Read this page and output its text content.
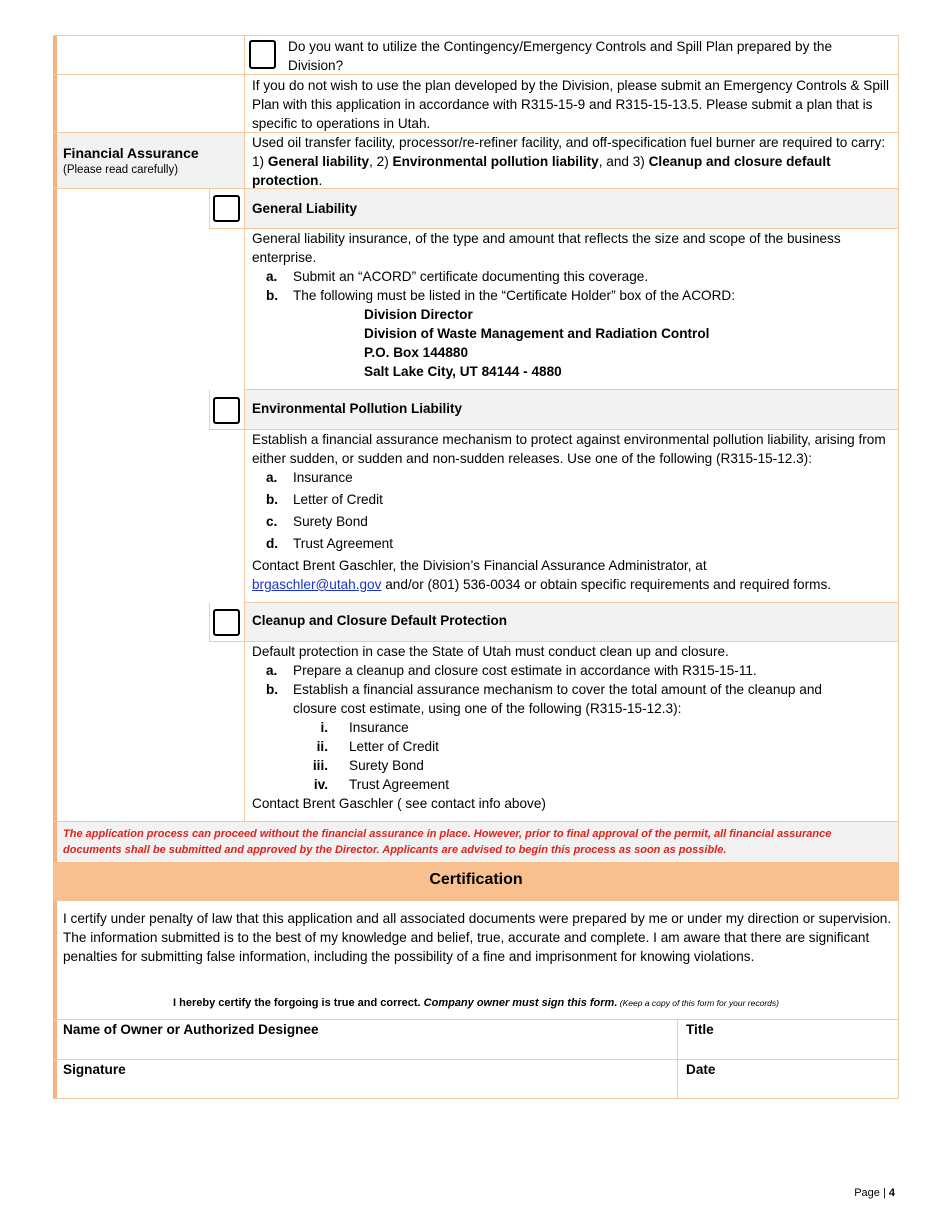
Do you want to utilize the Contingency/Emergency Controls and Spill Plan prepared by the Division?
If you do not wish to use the plan developed by the Division, please submit an Emergency Controls & Spill Plan with this application in accordance with R315-15-9 and R315-15-13.5. Please submit a plan that is specific to operations in Utah.
Financial Assurance
(Please read carefully)
Used oil transfer facility, processor/re-refiner facility, and off-specification fuel burner are required to carry: 1) General liability, 2) Environmental pollution liability, and 3) Cleanup and closure default protection.
General Liability
General liability insurance, of the type and amount that reflects the size and scope of the business enterprise.
a. Submit an “ACORD” certificate documenting this coverage.
b. The following must be listed in the “Certificate Holder” box of the ACORD:
Division Director
Division of Waste Management and Radiation Control
P.O. Box 144880
Salt Lake City, UT 84144 - 4880
Environmental Pollution Liability
Establish a financial assurance mechanism to protect against environmental pollution liability, arising from either sudden, or sudden and non-sudden releases. Use one of the following (R315-15-12.3):
a. Insurance
b. Letter of Credit
c. Surety Bond
d. Trust Agreement
Contact Brent Gaschler, the Division’s Financial Assurance Administrator, at
brgaschler@utah.gov and/or (801) 536-0034 or obtain specific requirements and required forms.
Cleanup and Closure Default Protection
Default protection in case the State of Utah must conduct clean up and closure.
a. Prepare a cleanup and closure cost estimate in accordance with R315-15-11.
b. Establish a financial assurance mechanism to cover the total amount of the cleanup and
closure cost estimate, using one of the following (R315-15-12.3):
i. Insurance
ii. Letter of Credit
iii. Surety Bond
iv. Trust Agreement
Contact Brent Gaschler ( see contact info above)
The application process can proceed without the financial assurance in place. However, prior to final approval of the permit, all financial assurance documents shall be submitted and approved by the Director. Applicants are advised to begin this process as soon as possible.
Certification
I certify under penalty of law that this application and all associated documents were prepared by me or under my direction or supervision. The information submitted is to the best of my knowledge and belief, true, accurate and complete. I am aware that there are significant penalties for submitting false information, including the possibility of a fine and imprisonment for knowing violations.
I hereby certify the forgoing is true and correct. Company owner must sign this form. (Keep a copy of this form for your records)
Name of Owner or Authorized Designee	Title
Signature	Date
Page | 4
